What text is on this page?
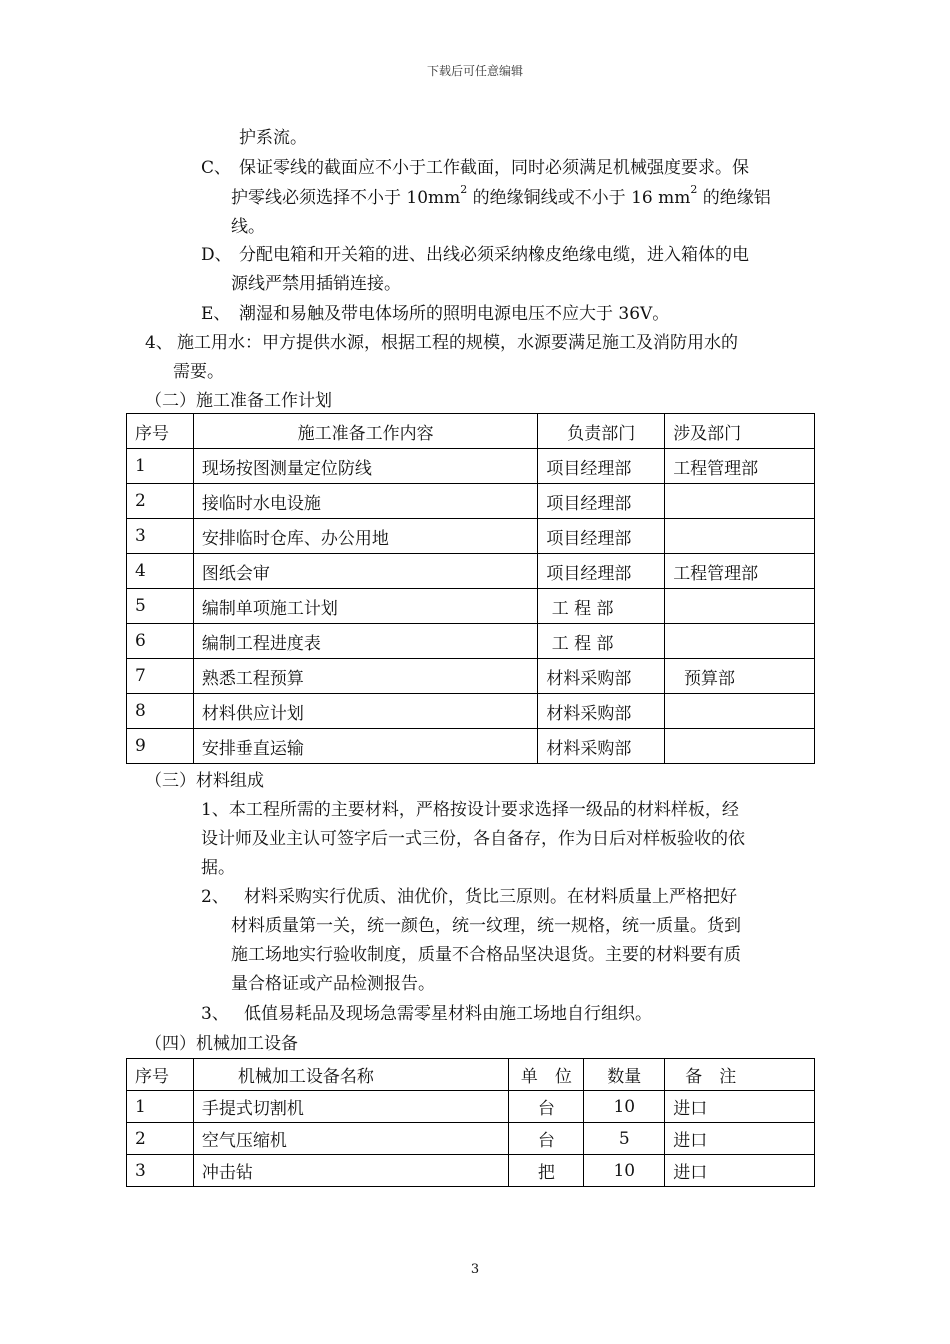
下载后可任意编辑
护系流。
C、 保证零线的截面应不小于工作截面，同时必须满足机械强度要求。保
护零线必须选择不小于 $10mm^2$ 的绝缘铜线或不小于 16 $mm^2$ 的绝缘铝
线。
D、 分配电箱和开关箱的进、出线必须采纳橡皮绝缘电缆，进入箱体的电
源线严禁用插销连接。
E、 潮湿和易触及带电体场所的照明电源电压不应大于 36V。
4、 施工用水：甲方提供水源，根据工程的规模，水源要满足施工及消防用水的
需要。
（二）施工准备工作计划
序号	施工准备工作内容	负责部门	涉及部门
1	现场按图测量定位防线	项目经理部	工程管理部
2	接临时水电设施	项目经理部	
3	安排临时仓库、办公用地	项目经理部	
4	图纸会审	项目经理部	工程管理部
5	编制单项施工计划	工 程 部	
6	编制工程进度表	工 程 部	
7	熟悉工程预算	材料采购部	预算部
8	材料供应计划	材料采购部	
9	安排垂直运输	材料采购部	
（三）材料组成
1、本工程所需的主要材料，严格按设计要求选择一级品的材料样板，经
设计师及业主认可签字后一式三份，各自备存，作为日后对样板验收的依
据。
2、 材料采购实行优质、油优价，货比三原则。在材料质量上严格把好
材料质量第一关，统一颜色，统一纹理，统一规格，统一质量。货到
施工场地实行验收制度，质量不合格品坚决退货。主要的材料要有质
量合格证或产品检测报告。
3、 低值易耗品及现场急需零星材料由施工场地自行组织。
（四）机械加工设备
序号	机械加工设备名称	单　位	数量	备　注
1	手提式切割机	台	10	进口
2	空气压缩机	台	5	进口
3	冲击钻	把	10	进口
3
